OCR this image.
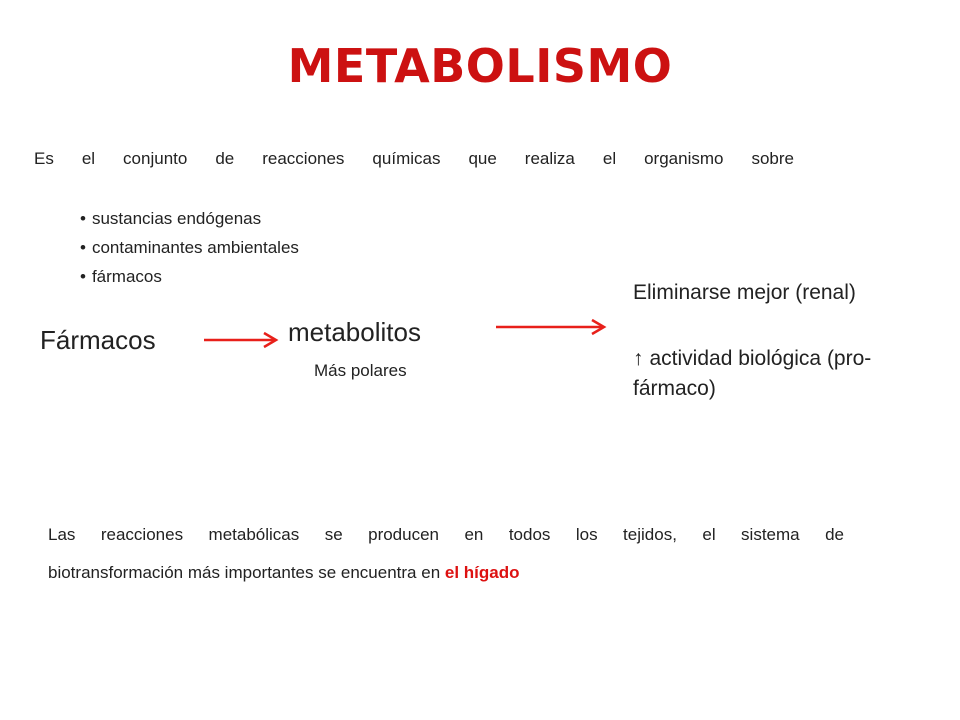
METABOLISMO
Es el conjunto de reacciones químicas que realiza el organismo sobre
• sustancias endógenas
• contaminantes ambientales
• fármacos
Fármacos	metabolitos
Más polares
Eliminarse mejor (renal)
↑ actividad biológica (pro-fármaco)
Las reacciones metabólicas se producen en todos los tejidos, el sistema de
biotransformación más importantes se encuentra en el hígado
